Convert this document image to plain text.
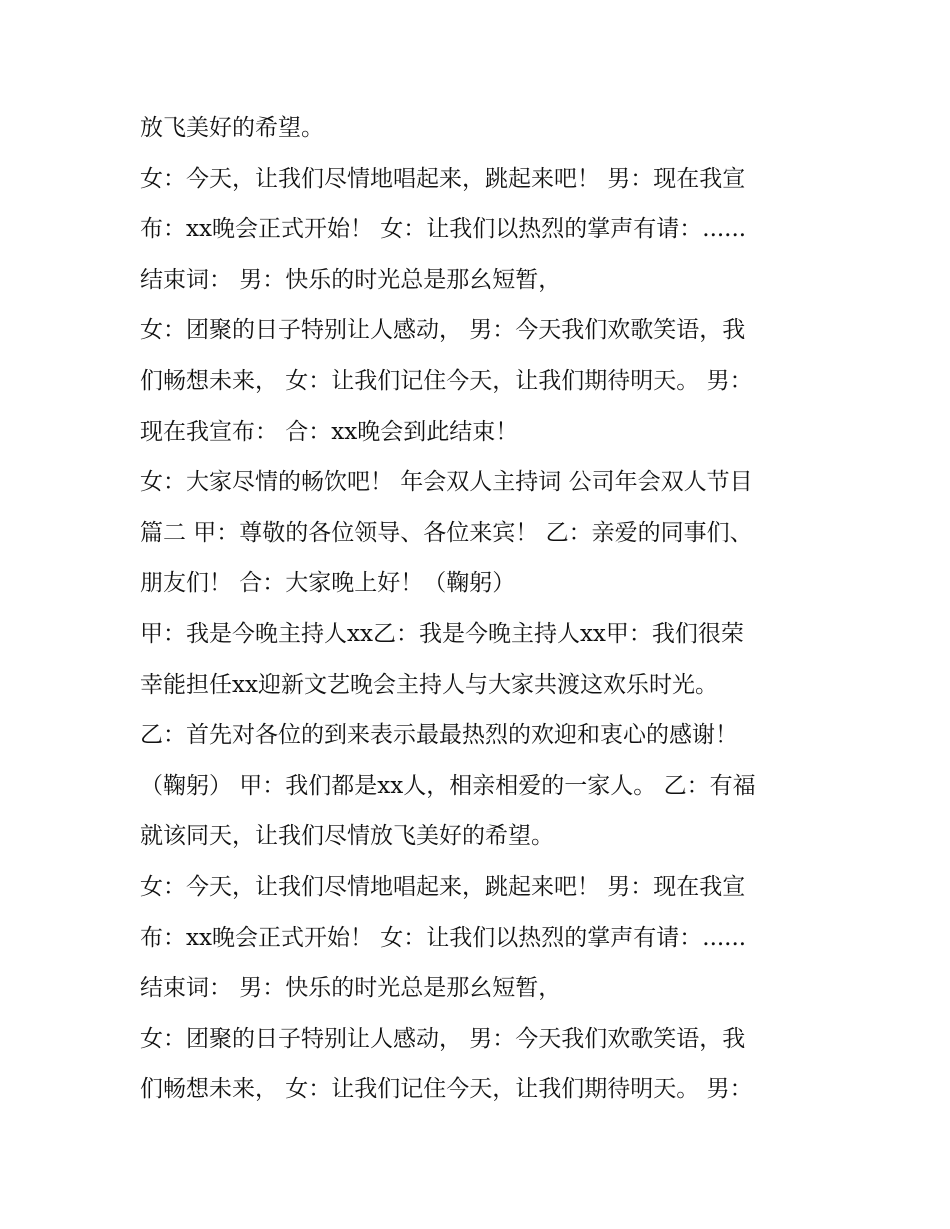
放飞美好的希望。
女：今天，让我们尽情地唱起来，跳起来吧！ 男：现在我宣
布：xx晚会正式开始！ 女：让我们以热烈的掌声有请：......
结束词： 男：快乐的时光总是那幺短暂，
女：团聚的日子特别让人感动， 男：今天我们欢歌笑语，我
们畅想未来， 女：让我们记住今天，让我们期待明天。 男：
现在我宣布： 合：xx晚会到此结束！
女：大家尽情的畅饮吧！ 年会双人主持词 公司年会双人节目
篇二 甲：尊敬的各位领导、各位来宾！ 乙：亲爱的同事们、
朋友们！ 合：大家晚上好！（鞠躬）
甲：我是今晚主持人xx乙：我是今晚主持人xx甲：我们很荣
幸能担任xx迎新文艺晚会主持人与大家共渡这欢乐时光。
乙：首先对各位的到来表示最最热烈的欢迎和衷心的感谢！
（鞠躬） 甲：我们都是xx人，相亲相爱的一家人。 乙：有福
就该同天，让我们尽情放飞美好的希望。
女：今天，让我们尽情地唱起来，跳起来吧！ 男：现在我宣
布：xx晚会正式开始！ 女：让我们以热烈的掌声有请：......
结束词： 男：快乐的时光总是那幺短暂，
女：团聚的日子特别让人感动， 男：今天我们欢歌笑语，我
们畅想未来， 女：让我们记住今天，让我们期待明天。 男：
